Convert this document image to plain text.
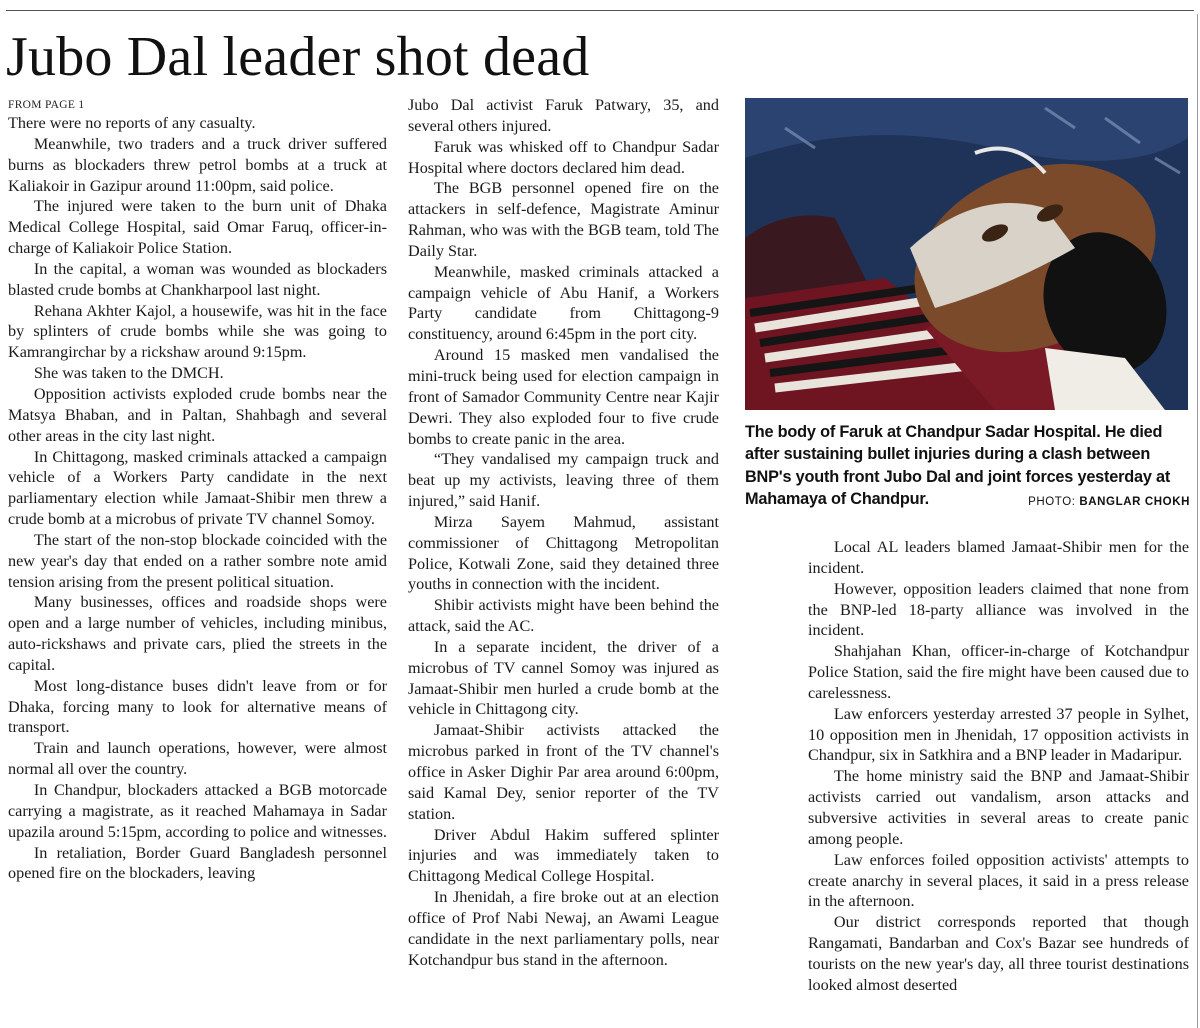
Jubo Dal leader shot dead
FROM PAGE 1

There were no reports of any casualty.

Meanwhile, two traders and a truck driver suffered burns as blockaders threw petrol bombs at a truck at Kaliakoir in Gazipur around 11:00pm, said police.

The injured were taken to the burn unit of Dhaka Medical College Hospital, said Omar Faruq, officer-in-charge of Kaliakoir Police Station.

In the capital, a woman was wounded as blockaders blasted crude bombs at Chankharpool last night.

Rehana Akhter Kajol, a housewife, was hit in the face by splinters of crude bombs while she was going to Kamrangirchar by a rickshaw around 9:15pm.

She was taken to the DMCH.

Opposition activists exploded crude bombs near the Matsya Bhaban, and in Paltan, Shahbagh and several other areas in the city last night.

In Chittagong, masked criminals attacked a campaign vehicle of a Workers Party candidate in the next parliamentary election while Jamaat-Shibir men threw a crude bomb at a microbus of private TV channel Somoy.

The start of the non-stop blockade coincided with the new year's day that ended on a rather sombre note amid tension arising from the present political situation.

Many businesses, offices and roadside shops were open and a large number of vehicles, including minibus, auto-rickshaws and private cars, plied the streets in the capital.

Most long-distance buses didn't leave from or for Dhaka, forcing many to look for alternative means of transport.

Train and launch operations, however, were almost normal all over the country.

In Chandpur, blockaders attacked a BGB motorcade carrying a magistrate, as it reached Mahamaya in Sadar upazila around 5:15pm, according to police and witnesses.

In retaliation, Border Guard Bangladesh personnel opened fire on the blockaders, leaving

Jubo Dal activist Faruk Patwary, 35, and several others injured.

Faruk was whisked off to Chandpur Sadar Hospital where doctors declared him dead.

The BGB personnel opened fire on the attackers in self-defence, Magistrate Aminur Rahman, who was with the BGB team, told The Daily Star.

Meanwhile, masked criminals attacked a campaign vehicle of Abu Hanif, a Workers Party candidate from Chittagong-9 constituency, around 6:45pm in the port city.

Around 15 masked men vandalised the mini-truck being used for election campaign in front of Samador Community Centre near Kajir Dewri. They also exploded four to five crude bombs to create panic in the area.

“They vandalised my campaign truck and beat up my activists, leaving three of them injured,” said Hanif.

Mirza Sayem Mahmud, assistant commissioner of Chittagong Metropolitan Police, Kotwali Zone, said they detained three youths in connection with the incident.

Shibir activists might have been behind the attack, said the AC.

In a separate incident, the driver of a microbus of TV cannel Somoy was injured as Jamaat-Shibir men hurled a crude bomb at the vehicle in Chittagong city.

Jamaat-Shibir activists attacked the microbus parked in front of the TV channel's office in Asker Dighir Par area around 6:00pm, said Kamal Dey, senior reporter of the TV station.

Driver Abdul Hakim suffered splinter injuries and was immediately taken to Chittagong Medical College Hospital.

In Jhenidah, a fire broke out at an election office of Prof Nabi Newaj, an Awami League candidate in the next parliamentary polls, near Kotchandpur bus stand in the afternoon.

The body of Faruk at Chandpur Sadar Hospital. He died after sustaining bullet injuries during a clash between BNP's youth front Jubo Dal and joint forces yesterday at Mahamaya of Chandpur.	PHOTO: BANGLAR CHOKH

Local AL leaders blamed Jamaat-Shibir men for the incident.

However, opposition leaders claimed that none from the BNP-led 18-party alliance was involved in the incident.

Shahjahan Khan, officer-in-charge of Kotchandpur Police Station, said the fire might have been caused due to carelessness.

Law enforcers yesterday arrested 37 people in Sylhet, 10 opposition men in Jhenidah, 17 opposition activists in Chandpur, six in Satkhira and a BNP leader in Madaripur.

The home ministry said the BNP and Jamaat-Shibir activists carried out vandalism, arson attacks and subversive activities in several areas to create panic among people.

Law enforces foiled opposition activists' attempts to create anarchy in several places, it said in a press release in the afternoon.

Our district corresponds reported that though Rangamati, Bandarban and Cox's Bazar see hundreds of tourists on the new year's day, all three tourist destinations looked almost deserted
